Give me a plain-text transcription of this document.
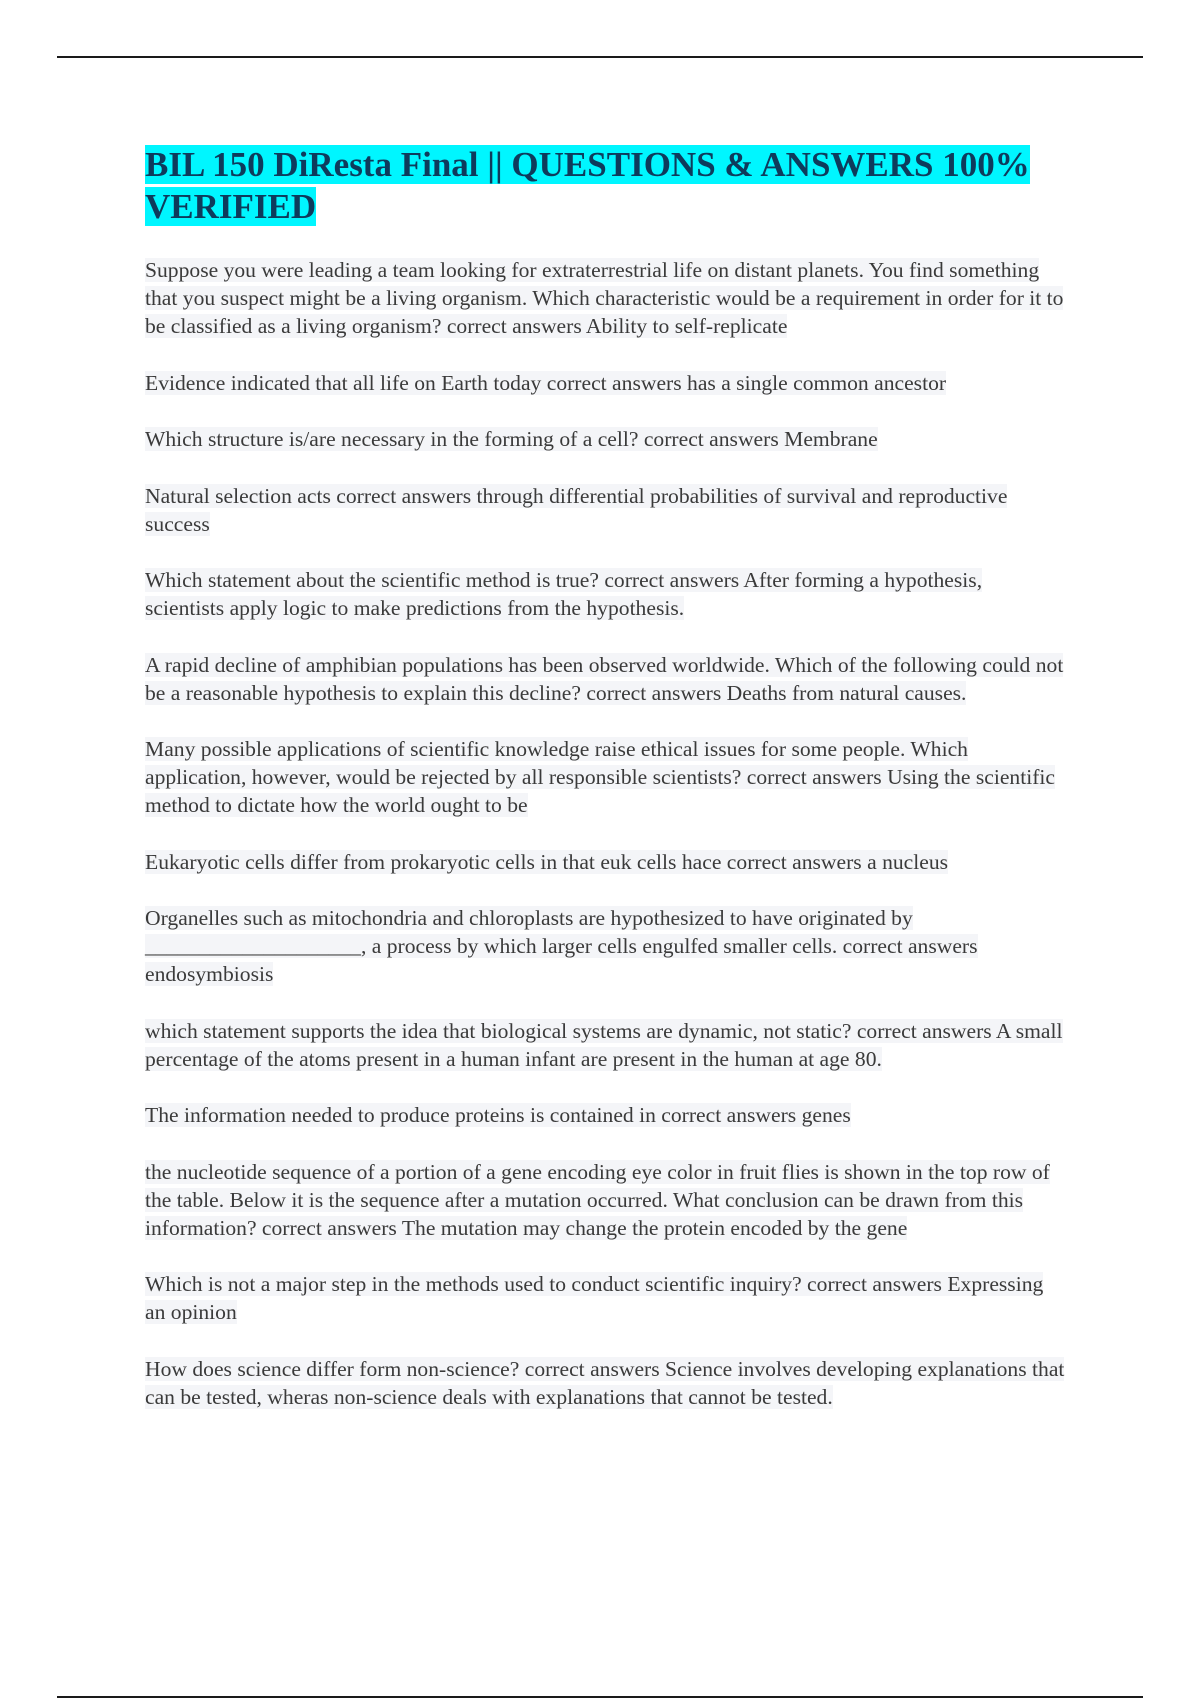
BIL 150 DiResta Final || QUESTIONS & ANSWERS 100% VERIFIED

Suppose you were leading a team looking for extraterrestrial life on distant planets. You find something that you suspect might be a living organism. Which characteristic would be a requirement in order for it to be classified as a living organism? correct answers Ability to self-replicate

Evidence indicated that all life on Earth today correct answers has a single common ancestor

Which structure is/are necessary in the forming of a cell? correct answers Membrane

Natural selection acts correct answers through differential probabilities of survival and reproductive success

Which statement about the scientific method is true? correct answers After forming a hypothesis, scientists apply logic to make predictions from the hypothesis.

A rapid decline of amphibian populations has been observed worldwide. Which of the following could not be a reasonable hypothesis to explain this decline? correct answers Deaths from natural causes.

Many possible applications of scientific knowledge raise ethical issues for some people. Which application, however, would be rejected by all responsible scientists? correct answers Using the scientific method to dictate how the world ought to be

Eukaryotic cells differ from prokaryotic cells in that euk cells hace correct answers a nucleus

Organelles such as mitochondria and chloroplasts are hypothesized to have originated by ____________________, a process by which larger cells engulfed smaller cells. correct answers endosymbiosis

which statement supports the idea that biological systems are dynamic, not static? correct answers A small percentage of the atoms present in a human infant are present in the human at age 80.

The information needed to produce proteins is contained in correct answers genes

the nucleotide sequence of a portion of a gene encoding eye color in fruit flies is shown in the top row of the table. Below it is the sequence after a mutation occurred. What conclusion can be drawn from this information? correct answers The mutation may change the protein encoded by the gene

Which is not a major step in the methods used to conduct scientific inquiry? correct answers Expressing an opinion

How does science differ form non-science? correct answers Science involves developing explanations that can be tested, wheras non-science deals with explanations that cannot be tested.
